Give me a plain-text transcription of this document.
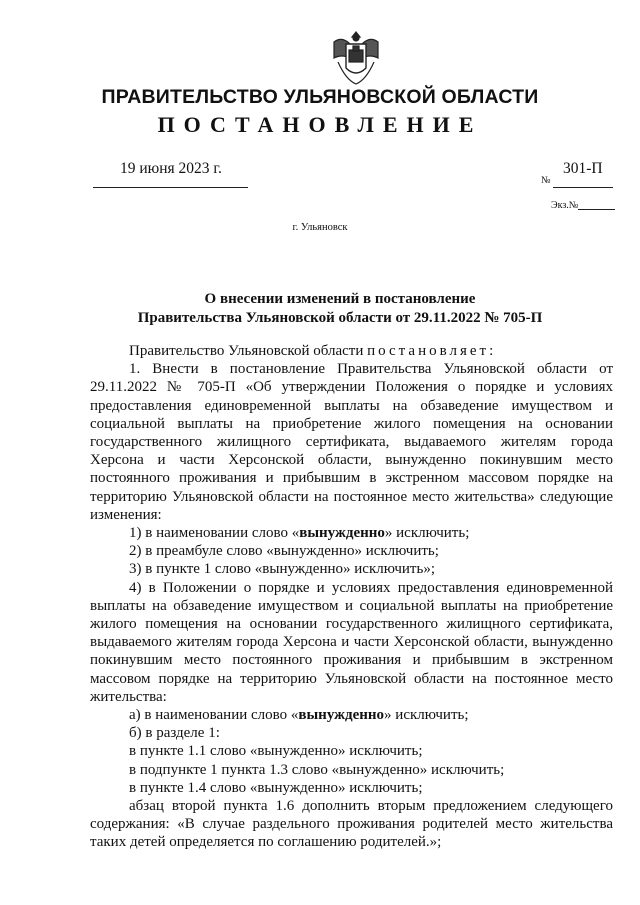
ПРАВИТЕЛЬСТВО УЛЬЯНОВСКОЙ ОБЛАСТИ
ПОСТАНОВЛЕНИЕ
19 июня 2023 г.	301-П
№
Экз.№
г. Ульяновск
О внесении изменений в постановление
Правительства Ульяновской области от 29.11.2022 № 705-П

Правительство Ульяновской области постановляет:

1. Внести в постановление Правительства Ульяновской области от 29.11.2022 № 705-П «Об утверждении Положения о порядке и условиях предоставления единовременной выплаты на обзаведение имуществом и социальной выплаты на приобретение жилого помещения на основании государственного жилищного сертификата, выдаваемого жителям города Херсона и части Херсонской области, вынужденно покинувшим место постоянного проживания и прибывшим в экстренном массовом порядке на территорию Ульяновской области на постоянное место жительства» следующие изменения:

1) в наименовании слово «вынужденно» исключить;

2) в преамбуле слово «вынужденно» исключить;

3) в пункте 1 слово «вынужденно» исключить»;

4) в Положении о порядке и условиях предоставления единовременной выплаты на обзаведение имуществом и социальной выплаты на приобретение жилого помещения на основании государственного жилищного сертификата, выдаваемого жителям города Херсона и части Херсонской области, вынужденно покинувшим место постоянного проживания и прибывшим в экстренном массовом порядке на территорию Ульяновской области на постоянное место жительства:

а) в наименовании слово «вынужденно» исключить;

б) в разделе 1:

в пункте 1.1 слово «вынужденно» исключить;

в подпункте 1 пункта 1.3 слово «вынужденно» исключить;

в пункте 1.4 слово «вынужденно» исключить;

абзац второй пункта 1.6 дополнить вторым предложением следующего содержания: «В случае раздельного проживания родителей место жительства таких детей определяется по соглашению родителей.»;
